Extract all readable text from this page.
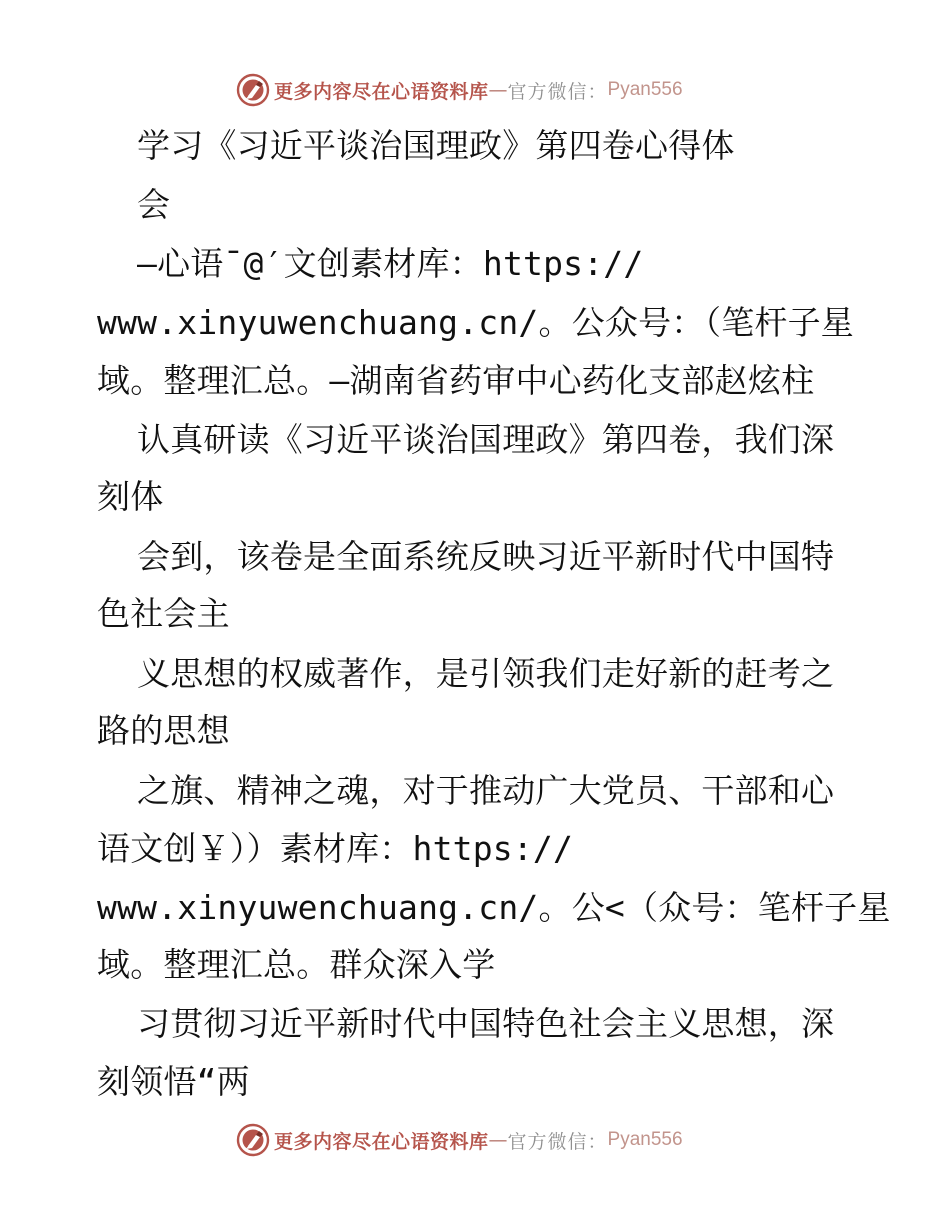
更多内容尽在心语资料库 — 官方微信： Pyan556
学习《习近平谈治国理政》第四卷心得体
会
—心语¯@′文创素材库：https://
www.xinyuwenchuang.cn/。公众号：（笔杆子星
域。整理汇总。—湖南省药审中心药化支部赵炫柱
认真研读《习近平谈治国理政》第四卷，我们深
刻体
会到，该卷是全面系统反映习近平新时代中国特
色社会主
义思想的权威著作，是引领我们走好新的赶考之
路的思想
之旗、精神之魂，对于推动广大党员、干部和心
语文创￥））素材库：https://
www.xinyuwenchuang.cn/。公<（众号：笔杆子星
域。整理汇总。群众深入学
习贯彻习近平新时代中国特色社会主义思想，深
刻领悟“两
更多内容尽在心语资料库 — 官方微信： Pyan556
